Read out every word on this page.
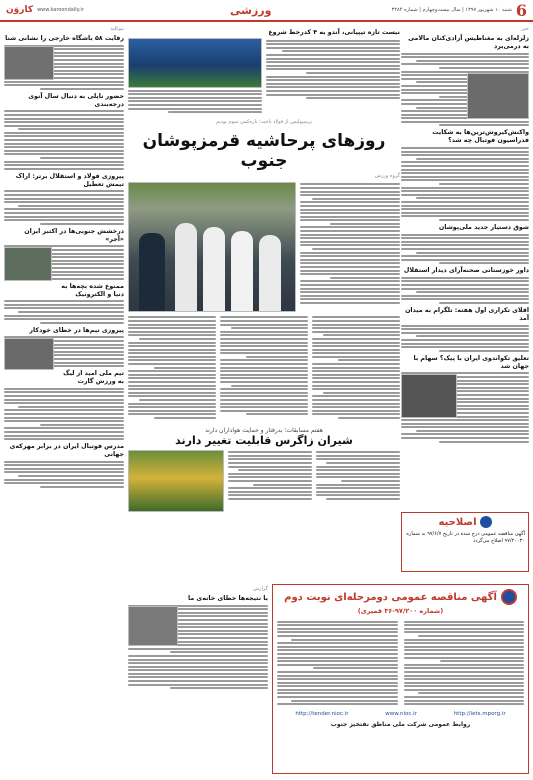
6
شنبه ۱۰ شهریور ۱۳۹۷ | سال بیست‌وچهارم | شماره ۳۲۸۴
ورزشی
www.karoondaily.ir
کاروَن
خبر
زلزله‌ای به مغناطیس آزادی‌کنان مالامی به درمی‌برد
واکنش‌کیروش‌ترین‌ها به شکایت فدراسیون فوتبال چه شد؟
شوق دستیار جدید ملی‌پوشان
داور خوزستانی صحنه‌آرای دیدار استقلال
اقلای تکراری اول هفته: تلگرام به میدان آمد
تعلیق تکواندوی ایران با پیک؟ سهام با جهان شد
اصلاحیه
آگهی مناقصه عمومی درج شده در تاریخ ۹۷/۶/۷ به شماره ۹۷/۲۰۰۳۰ اصلاح می‌گردد
نیست تازه تیپیانی، آندو به ۴ کدرخط شروع
پرسپولیس از فولاد باخت؛ تازه‌کمی سوم بودیم
روزهای پرحاشیه قرمزپوشان جنوب
گروه ورزش
هفتم مسابقات؛ بدرفتار و حمایت هواداران دارند
شیران زاگرس قابلیت تغییر دارند
نیوکلید
رقابت ۵۸ باشگاه خارجی را نشانی شنا
حضور ناپلی به دنبال سال آنوی درجه‌بندی
پیروزی فولاد و استقلال برتر: اراک تیمش تعطیل
درخشش جنوبی‌ها در اکتبر ایران «آجر»
ممنوع شده بچه‌ها به دنیا و الکترونیک
پیروزی تیم‌ها در خطا‌ی خودکار
تیم ملی امید از لیگ به ورزش گارت
مدرس فوتبال ایران در برابر مهرکه‌ی جهانی
گزارش
با نتیجه‌ها خطای خانه‌ی ما آگهی مناقصه عمومی دومرحله‌ای نوبت دوم
(شماره ۹۷/۲۰۰-۳۶ قمیری)
http://iets.mporg.ir
www.nioc.ir
http://tender.nioc.ir
روابط عمومی شرکت ملی مناطق نفتخیز جنوب
